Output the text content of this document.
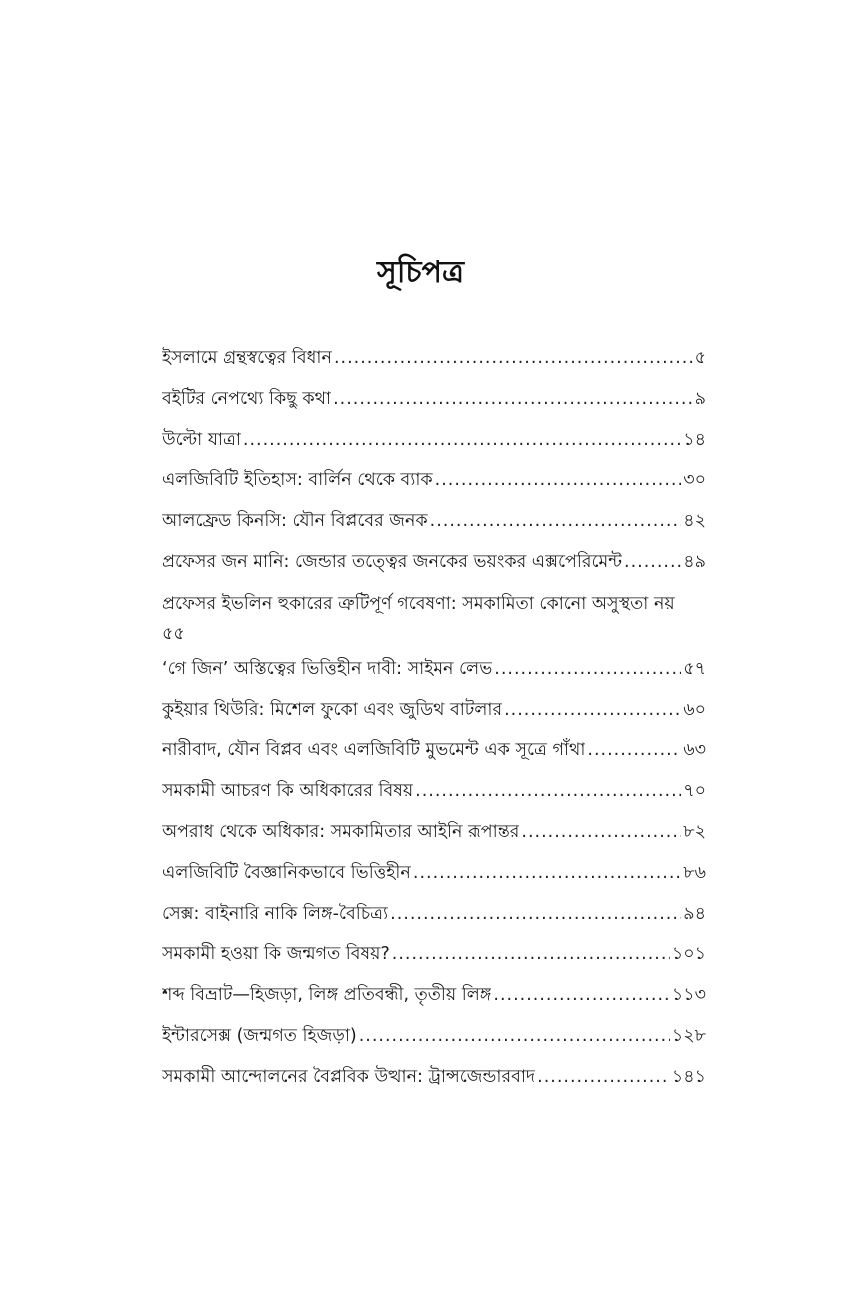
সূচিপত্র
ইসলামে গ্রন্থস্বত্বের বিধান .....	৫
বইটির নেপথ্যে কিছু কথা .....	৯
উল্টো যাত্রা .....	১৪
এলজিবিটি ইতিহাস: বার্লিন থেকে ব্যাক .....	৩০
আলফ্রেড কিনসি: যৌন বিপ্লবের জনক .....	৪২
প্রফেসর জন মানি: জেন্ডার তত্ত্বের জনকের ভয়ংকর এক্সপেরিমেন্ট .....	৪৯
প্রফেসর ইভলিন হুকারের ত্রুটিপূর্ণ গবেষণা: সমকামিতা কোনো অসুস্থতা নয়
৫৫
‘গে জিন’ অস্তিত্বের ভিত্তিহীন দাবী: সাইমন লেভ .....	৫৭
কুইয়ার থিউরি: মিশেল ফুকো এবং জুডিথ বাটলার .....	৬০
নারীবাদ, যৌন বিপ্লব এবং এলজিবিটি মুভমেন্ট এক সূত্রে গাঁথা .....	৬৩
সমকামী আচরণ কি অধিকারের বিষয় .....	৭০
অপরাধ থেকে অধিকার: সমকামিতার আইনি রূপান্তর .....	৮২
এলজিবিটি বৈজ্ঞানিকভাবে ভিত্তিহীন .....	৮৬
সেক্স: বাইনারি নাকি লিঙ্গ-বৈচিত্র্য .....	৯৪
সমকামী হওয়া কি জন্মগত বিষয়? .....	১০১
শব্দ বিভ্রাট—হিজড়া, লিঙ্গ প্রতিবন্ধী, তৃতীয় লিঙ্গ .....	১১৩
ইন্টারসেক্স (জন্মগত হিজড়া) .....	১২৮
সমকামী আন্দোলনের বৈপ্লবিক উত্থান: ট্রান্সজেন্ডারবাদ .....	১৪১
